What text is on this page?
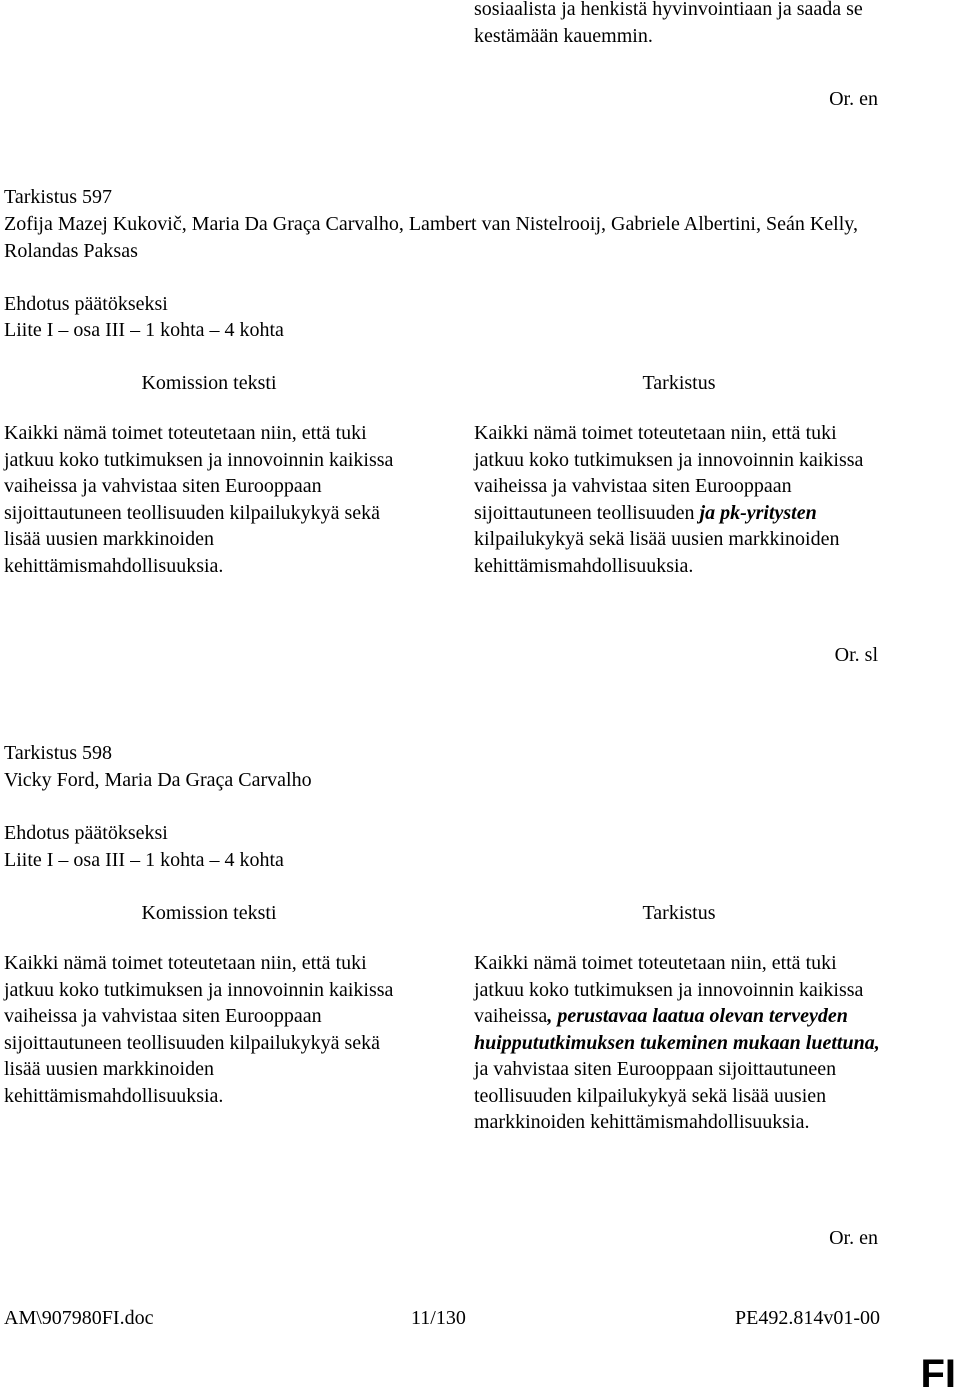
sosiaalista ja henkistä hyvinvointiaan ja saada se kestämään kauemmin.

Or. en

Tarkistus 597

Zofija Mazej Kukovič, Maria Da Graça Carvalho, Lambert van Nistelrooij, Gabriele Albertini, Seán Kelly, Rolandas Paksas

Ehdotus päätökseksi

Liite I – osa III – 1 kohta – 4 kohta

Komission teksti	Tarkistus

Kaikki nämä toimet toteutetaan niin, että tuki jatkuu koko tutkimuksen ja innovoinnin kaikissa vaiheissa ja vahvistaa siten Eurooppaan sijoittautuneen teollisuuden kilpailukykyä sekä lisää uusien markkinoiden kehittämismahdollisuuksia.

Kaikki nämä toimet toteutetaan niin, että tuki jatkuu koko tutkimuksen ja innovoinnin kaikissa vaiheissa ja vahvistaa siten Eurooppaan sijoittautuneen teollisuuden ja pk-yritysten kilpailukykyä sekä lisää uusien markkinoiden kehittämismahdollisuuksia.

Or. sl

Tarkistus 598

Vicky Ford, Maria Da Graça Carvalho

Ehdotus päätökseksi

Liite I – osa III – 1 kohta – 4 kohta

Komission teksti	Tarkistus

Kaikki nämä toimet toteutetaan niin, että tuki jatkuu koko tutkimuksen ja innovoinnin kaikissa vaiheissa ja vahvistaa siten Eurooppaan sijoittautuneen teollisuuden kilpailukykyä sekä lisää uusien markkinoiden kehittämismahdollisuuksia.

Kaikki nämä toimet toteutetaan niin, että tuki jatkuu koko tutkimuksen ja innovoinnin kaikissa vaiheissa, perustavaa laatua olevan terveyden huippututkimuksen tukeminen mukaan luettuna, ja vahvistaa siten Eurooppaan sijoittautuneen teollisuuden kilpailukykyä sekä lisää uusien markkinoiden kehittämismahdollisuuksia.

Or. en

AM\907980FI.doc	11/130	PE492.814v01-00

FI
